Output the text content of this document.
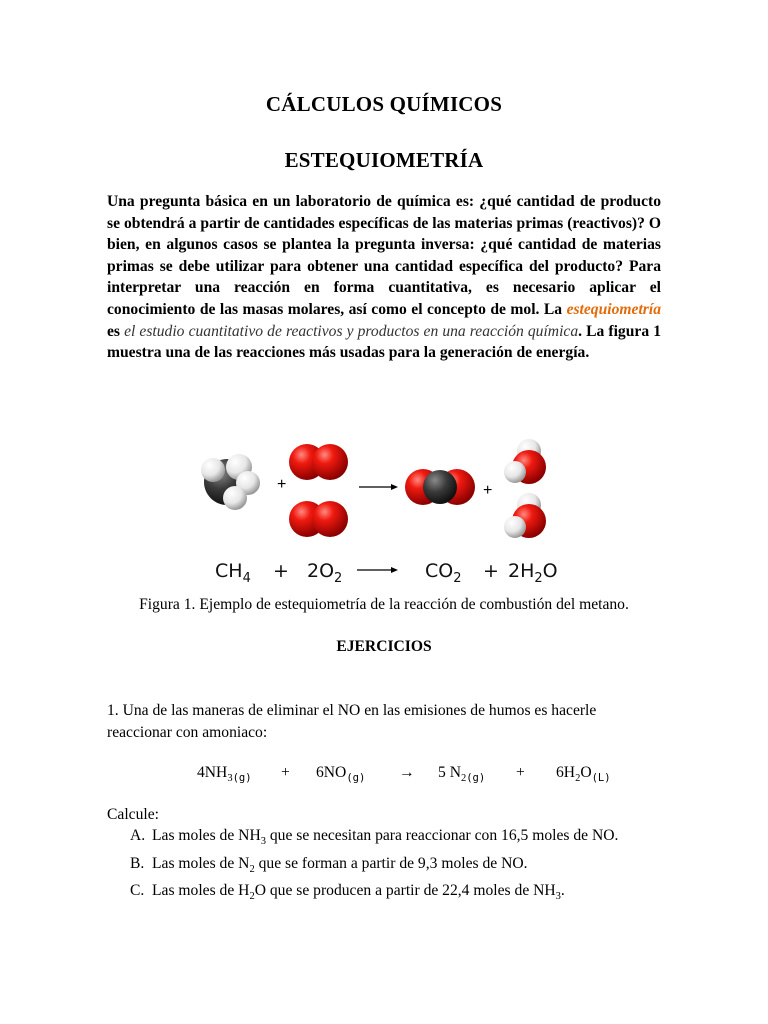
CÁLCULOS QUÍMICOS
ESTEQUIOMETRÍA
Una pregunta básica en un laboratorio de química es: ¿qué cantidad de producto se obtendrá a partir de cantidades específicas de las materias primas (reactivos)? O bien, en algunos casos se plantea la pregunta inversa: ¿qué cantidad de materias primas se debe utilizar para obtener una cantidad específica del producto? Para interpretar una reacción en forma cuantitativa, es necesario aplicar el conocimiento de las masas molares, así como el concepto de mol. La estequiometría es el estudio cuantitativo de reactivos y productos en una reacción química. La figura 1 muestra una de las reacciones más usadas para la generación de energía.
+	+
$CH_4 + 2O_2$	$CO_2 + 2H_2O$
Figura 1. Ejemplo de estequiometría de la reacción de combustión del metano.
EJERCICIOS
1. Una de las maneras de eliminar el NO en las emisiones de humos es hacerle reaccionar con amoniaco:
$4NH_{3(g)} + 6NO_{(g)} \to 5$ $N_{2(g)} + 6H_2O_{(L)}$
Calcule:
A. Las moles de $NH_3$ que se necesitan para reaccionar con 16,5 moles de NO.
B. Las moles de $N_2$ que se forman a partir de 9,3 moles de NO.
C. Las moles de $H_2O$ que se producen a partir de 22,4 moles de $NH_3$.
